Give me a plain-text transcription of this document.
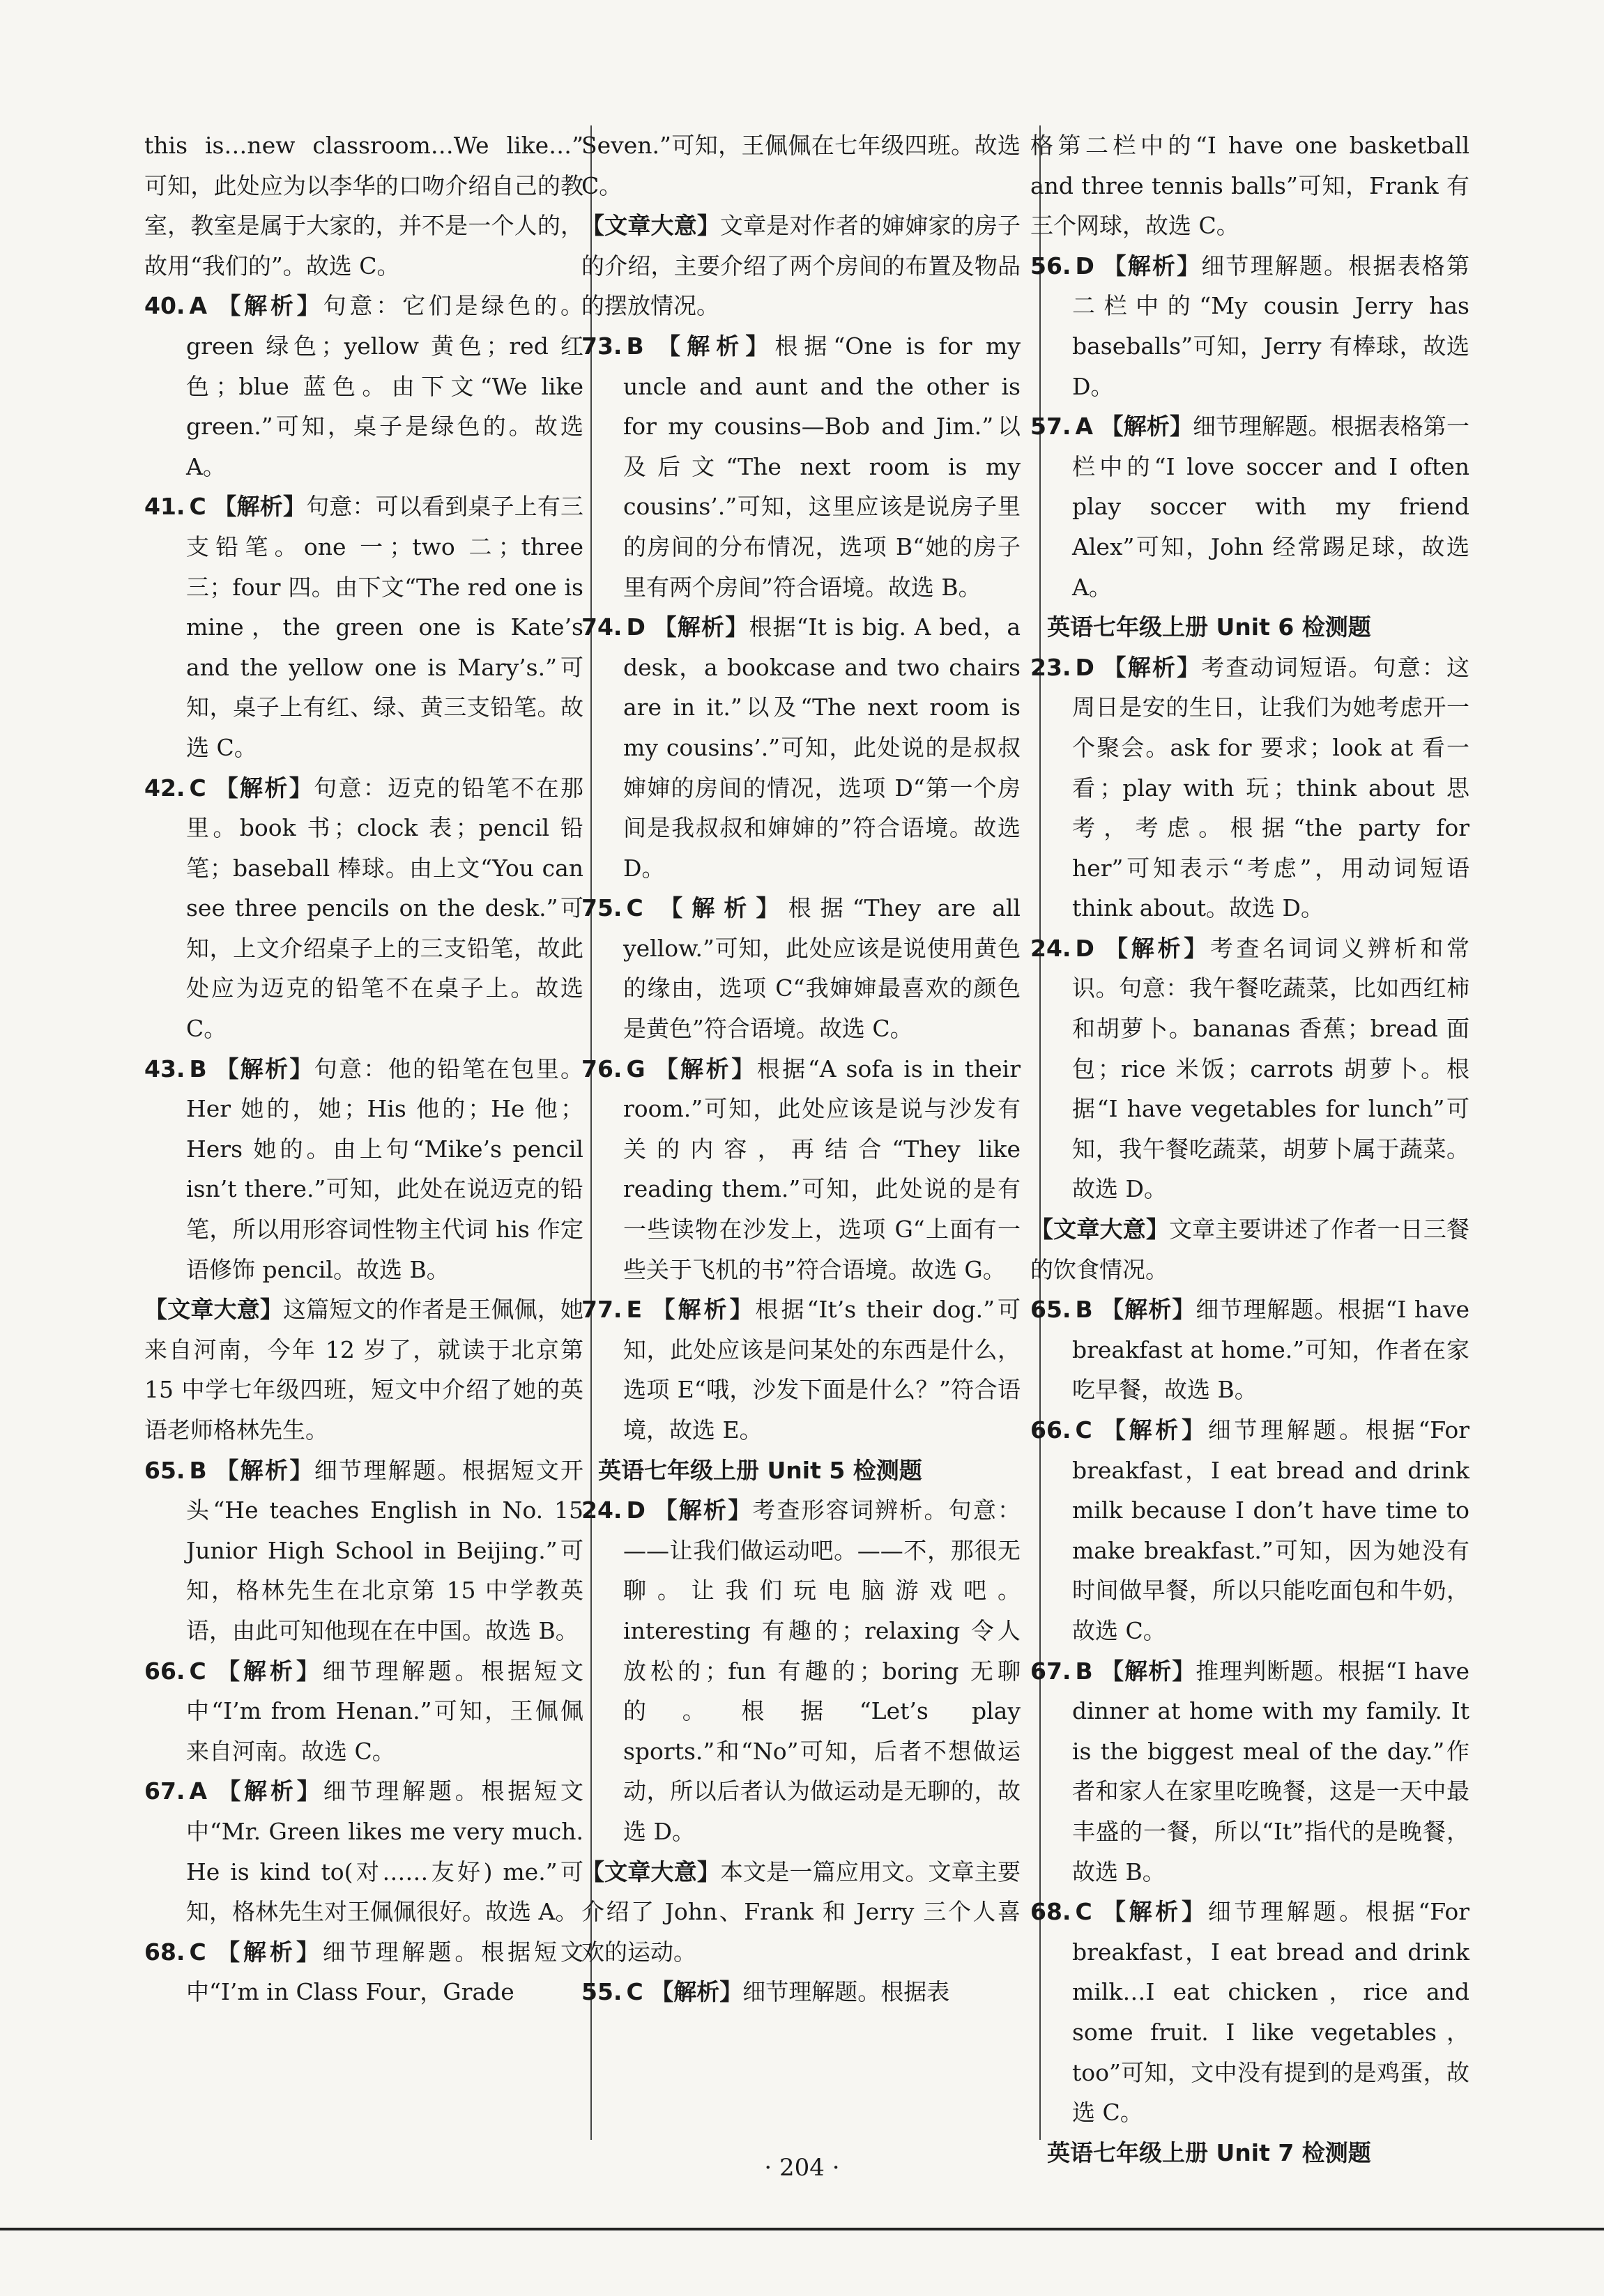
this is…new classroom…We like…” 可知，此处应为以李华的口吻介绍自己的教室，教室是属于大家的，并不是一个人的，故用“我们的”。故选 C。

40. A 【解析】句意：它们是绿色的。green 绿色；yellow 黄色；red 红色；blue 蓝色。由下文“We like green.”可知，桌子是绿色的。故选 A。

41. C 【解析】句意：可以看到桌子上有三支铅笔。one 一；two 二；three 三；four 四。由下文“The red one is mine，the green one is Kate’s and the yellow one is Mary’s.”可知，桌子上有红、绿、黄三支铅笔。故选 C。

42. C 【解析】句意：迈克的铅笔不在那里。book 书；clock 表；pencil 铅笔；baseball 棒球。由上文“You can see three pencils on the desk.”可知，上文介绍桌子上的三支铅笔，故此处应为迈克的铅笔不在桌子上。故选 C。

43. B 【解析】句意：他的铅笔在包里。Her 她的，她；His 他的；He 他；Hers 她的。由上句“Mike’s pencil isn’t there.”可知，此处在说迈克的铅笔，所以用形容词性物主代词 his 作定语修饰 pencil。故选 B。

【文章大意】这篇短文的作者是王佩佩，她来自河南，今年 12 岁了，就读于北京第 15 中学七年级四班，短文中介绍了她的英语老师格林先生。

65. B 【解析】细节理解题。根据短文开头“He teaches English in No. 15 Junior High School in Beijing.”可知，格林先生在北京第 15 中学教英语，由此可知他现在在中国。故选 B。

66. C 【解析】细节理解题。根据短文中“I’m from Henan.”可知，王佩佩来自河南。故选 C。

67. A 【解析】细节理解题。根据短文中“Mr. Green likes me very much. He is kind to(对……友好) me.”可知，格林先生对王佩佩很好。故选 A。

68. C 【解析】细节理解题。根据短文中“I’m in Class Four，Grade

Seven.”可知，王佩佩在七年级四班。故选 C。

【文章大意】文章是对作者的婶婶家的房子的介绍，主要介绍了两个房间的布置及物品的摆放情况。

73. B 【解析】根据“One is for my uncle and aunt and the other is for my cousins—Bob and Jim.”以及后文“The next room is my cousins’.”可知，这里应该是说房子里的房间的分布情况，选项 B“她的房子里有两个房间”符合语境。故选 B。

74. D 【解析】根据“It is big. A bed，a desk，a bookcase and two chairs are in it.”以及“The next room is my cousins’.”可知，此处说的是叔叔婶婶的房间的情况，选项 D“第一个房间是我叔叔和婶婶的”符合语境。故选 D。

75. C 【解析】根据“They are all yellow.”可知，此处应该是说使用黄色的缘由，选项 C“我婶婶最喜欢的颜色是黄色”符合语境。故选 C。

76. G 【解析】根据“A sofa is in their room.”可知，此处应该是说与沙发有关的内容，再结合“They like reading them.”可知，此处说的是有一些读物在沙发上，选项 G“上面有一些关于飞机的书”符合语境。故选 G。

77. E 【解析】根据“It’s their dog.”可知，此处应该是问某处的东西是什么，选项 E“哦，沙发下面是什么？”符合语境，故选 E。

英语七年级上册 Unit 5 检测题

24. D 【解析】考查形容词辨析。句意：——让我们做运动吧。——不，那很无聊。让我们玩电脑游戏吧。interesting 有趣的；relaxing 令人放松的；fun 有趣的；boring 无聊的。根据“Let’s play sports.”和“No”可知，后者不想做运动，所以后者认为做运动是无聊的，故选 D。

【文章大意】本文是一篇应用文。文章主要介绍了 John、Frank 和 Jerry 三个人喜欢的运动。

55. C 【解析】细节理解题。根据表

格第二栏中的“I have one basketball and three tennis balls”可知，Frank 有三个网球，故选 C。

56. D 【解析】细节理解题。根据表格第二栏中的“My cousin Jerry has baseballs”可知，Jerry 有棒球，故选 D。

57. A 【解析】细节理解题。根据表格第一栏中的“I love soccer and I often play soccer with my friend Alex”可知，John 经常踢足球，故选 A。

英语七年级上册 Unit 6 检测题

23. D 【解析】考查动词短语。句意：这周日是安的生日，让我们为她考虑开一个聚会。ask for 要求；look at 看一看；play with 玩；think about 思考，考虑。根据“the party for her”可知表示“考虑”，用动词短语 think about。故选 D。

24. D 【解析】考查名词词义辨析和常识。句意：我午餐吃蔬菜，比如西红柿和胡萝卜。bananas 香蕉；bread 面包；rice 米饭；carrots 胡萝卜。根据“I have vegetables for lunch”可知，我午餐吃蔬菜，胡萝卜属于蔬菜。故选 D。

【文章大意】文章主要讲述了作者一日三餐的饮食情况。

65. B 【解析】细节理解题。根据“I have breakfast at home.”可知，作者在家吃早餐，故选 B。

66. C 【解析】细节理解题。根据“For breakfast，I eat bread and drink milk because I don’t have time to make breakfast.”可知，因为她没有时间做早餐，所以只能吃面包和牛奶，故选 C。

67. B 【解析】推理判断题。根据“I have dinner at home with my family. It is the biggest meal of the day.”作者和家人在家里吃晚餐，这是一天中最丰盛的一餐，所以“It”指代的是晚餐，故选 B。

68. C 【解析】细节理解题。根据“For breakfast，I eat bread and drink milk…I eat chicken，rice and some fruit. I like vegetables，too”可知，文中没有提到的是鸡蛋，故选 C。

英语七年级上册 Unit 7 检测题

· 204 ·
